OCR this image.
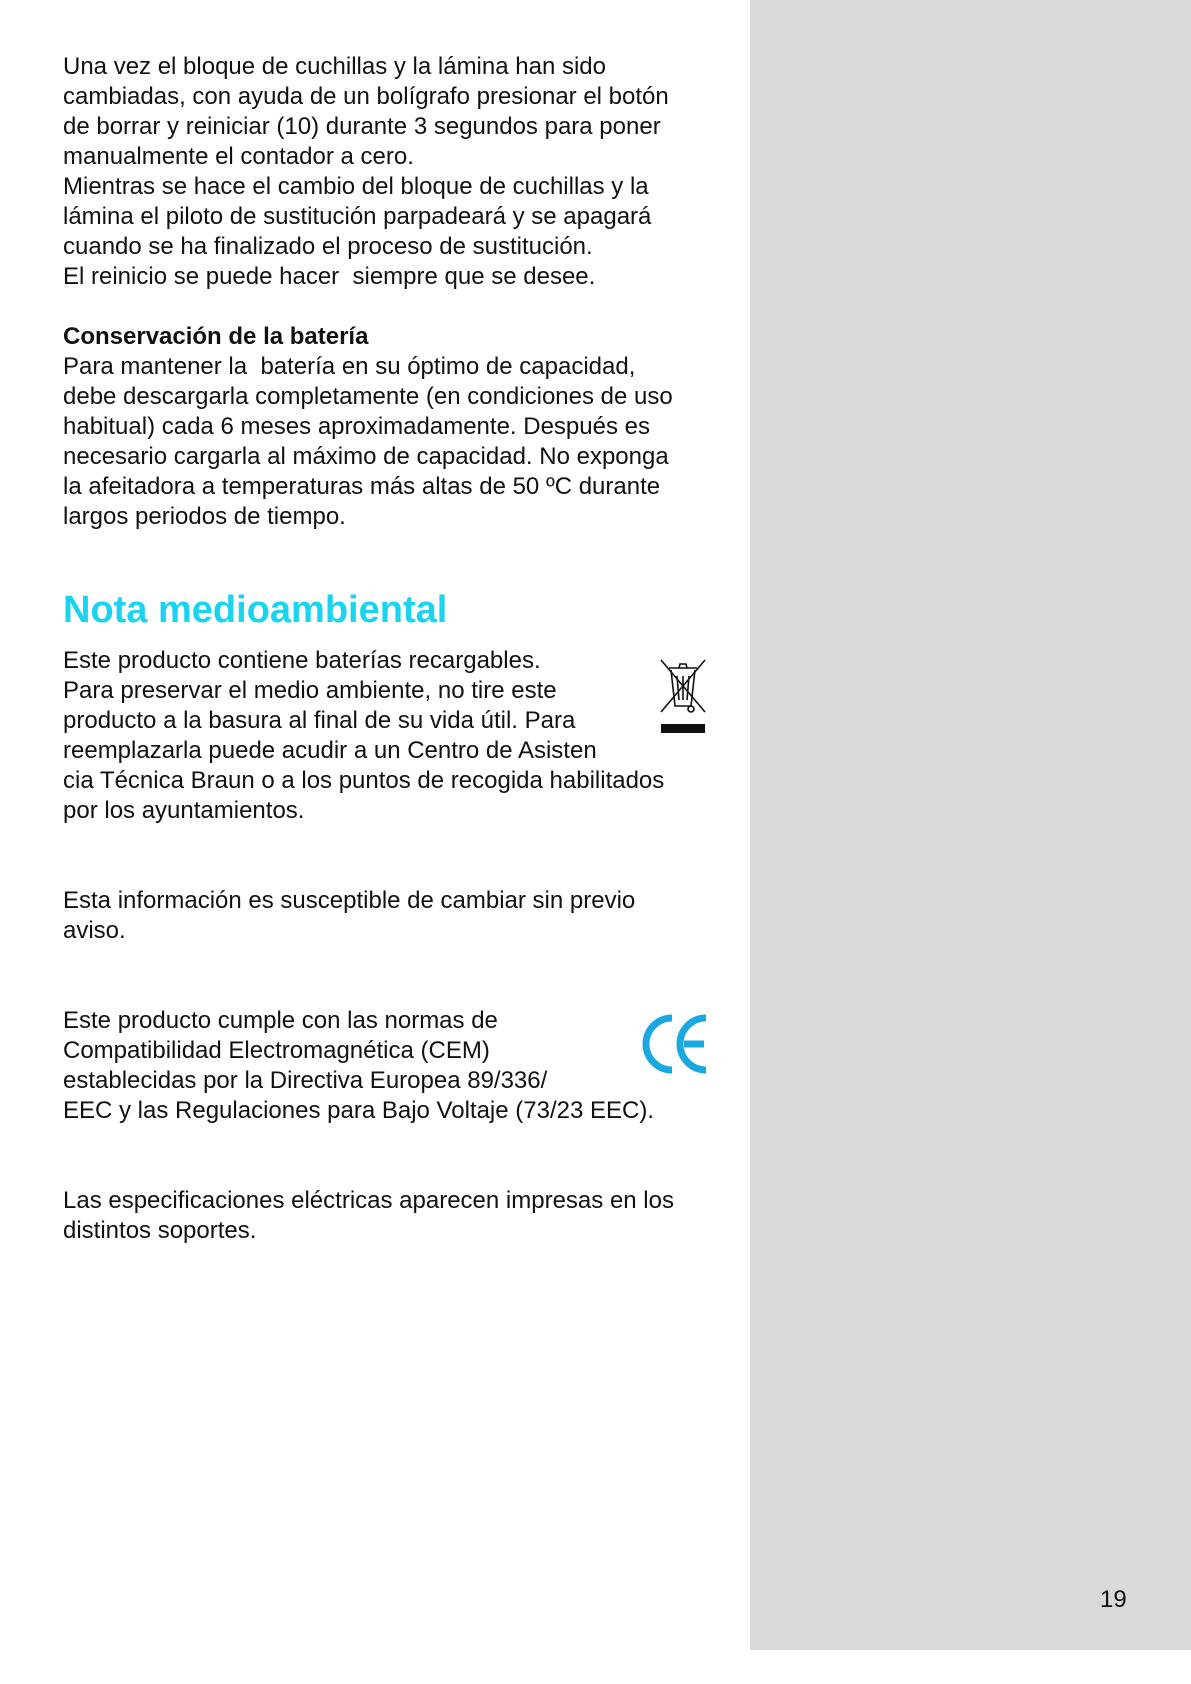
Una vez el bloque de cuchillas y la lámina han sido
cambiadas, con ayuda de un bolígrafo presionar el botón
de borrar y reiniciar (10) durante 3 segundos para poner
manualmente el contador a cero.
Mientras se hace el cambio del bloque de cuchillas y la
lámina el piloto de sustitución parpadeará y se apagará
cuando se ha finalizado el proceso de sustitución.
El reinicio se puede hacer  siempre que se desee.
Conservación de la batería
Para mantener la  batería en su óptimo de capacidad,
debe descargarla completamente (en condiciones de uso
habitual) cada 6 meses aproximadamente. Después es
necesario cargarla al máximo de capacidad. No exponga
la afeitadora a temperaturas más altas de 50 ºC durante
largos periodos de tiempo.
Nota medioambiental
Este producto contiene baterías recargables.
Para preservar el medio ambiente, no tire este
producto a la basura al final de su vida útil. Para
reemplazarla puede acudir a un Centro de Asisten
cia Técnica Braun o a los puntos de recogida habilitados
por los ayuntamientos.
Esta información es susceptible de cambiar sin previo
aviso.
Este producto cumple con las normas de
Compatibilidad Electromagnética (CEM)
establecidas por la Directiva Europea 89/336/
EEC y las Regulaciones para Bajo Voltaje (73/23 EEC).
Las especificaciones eléctricas aparecen impresas en los
distintos soportes.
19
